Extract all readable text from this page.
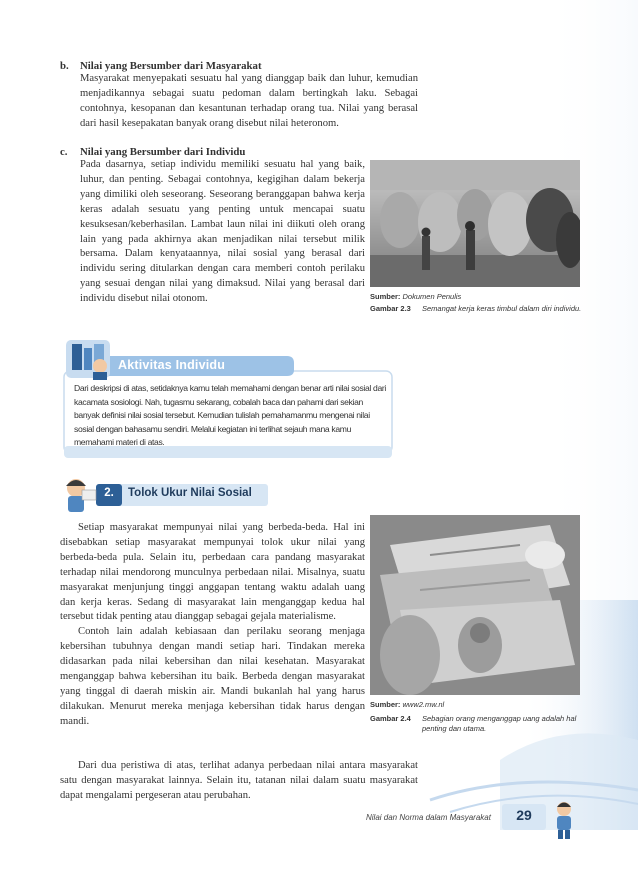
b.	Nilai yang Bersumber dari Masyarakat

Masyarakat menyepakati sesuatu hal yang dianggap baik dan luhur, kemudian menjadikannya sebagai suatu pedoman dalam bertingkah laku. Sebagai contohnya, kesopanan dan kesantunan terhadap orang tua. Nilai yang berasal dari hasil kesepakatan banyak orang disebut nilai heteronom.

c.	Nilai yang Bersumber dari Individu

Pada dasarnya, setiap individu memiliki sesuatu hal yang baik, luhur, dan penting. Sebagai contohnya, kegigihan dalam bekerja yang dimiliki oleh seseorang. Seseorang beranggapan bahwa kerja keras adalah sesuatu yang penting untuk mencapai suatu kesuksesan/keberhasilan. Lambat laun nilai ini diikuti oleh orang lain yang pada akhirnya akan menjadikan nilai tersebut milik bersama. Dalam kenyataannya, nilai sosial yang berasal dari individu sering ditularkan dengan cara memberi contoh perilaku yang sesuai dengan nilai yang dimaksud. Nilai yang berasal dari individu disebut nilai otonom.	Sumber: Dokumen Penulis
Gambar 2.3	Semangat kerja keras timbul dalam diri individu.
Aktivitas Individu

Dari deskripsi di atas, setidaknya kamu telah memahami dengan benar arti nilai sosial dari kacamata sosiologi. Nah, tugasmu sekarang, cobalah baca dan pahami dari sekian banyak definisi nilai sosial tersebut. Kemudian tulislah pemahamanmu mengenai nilai sosial dengan bahasamu sendiri. Melalui kegiatan ini terlihat sejauh mana kamu memahami materi di atas.

2.	Tolok Ukur Nilai Sosial

Setiap masyarakat mempunyai nilai yang berbeda-beda. Hal ini disebabkan setiap masyarakat mempunyai tolok ukur nilai yang berbeda-beda pula. Selain itu, perbedaan cara pandang masyarakat terhadap nilai mendorong munculnya perbedaan nilai. Misalnya, suatu masyarakat menjunjung tinggi anggapan tentang waktu adalah uang dan kerja keras. Sedang di masyarakat lain menganggap kedua hal tersebut tidak penting atau dianggap sebagai gejala materialisme.

Contoh lain adalah kebiasaan dan perilaku seorang menjaga kebersihan tubuhnya dengan mandi setiap hari. Tindakan mereka didasarkan pada nilai kebersihan dan nilai kesehatan. Masyarakat menganggap bahwa kebersihan itu baik. Berbeda dengan masyarakat yang tinggal di daerah miskin air. Mandi bukanlah hal yang harus dilakukan. Menurut mereka menjaga kebersihan tidak harus dengan mandi.

Dari dua peristiwa di atas, terlihat adanya perbedaan nilai antara masyarakat satu dengan masyarakat lainnya. Selain itu, tatanan nilai dalam suatu masyarakat dapat mengalami pergeseran atau perubahan.

Sumber: www2.mw.nl
Gambar 2.4	Sebagian orang menganggap uang adalah hal penting dan utama.
Nilai dan Norma dalam Masyarakat	29
